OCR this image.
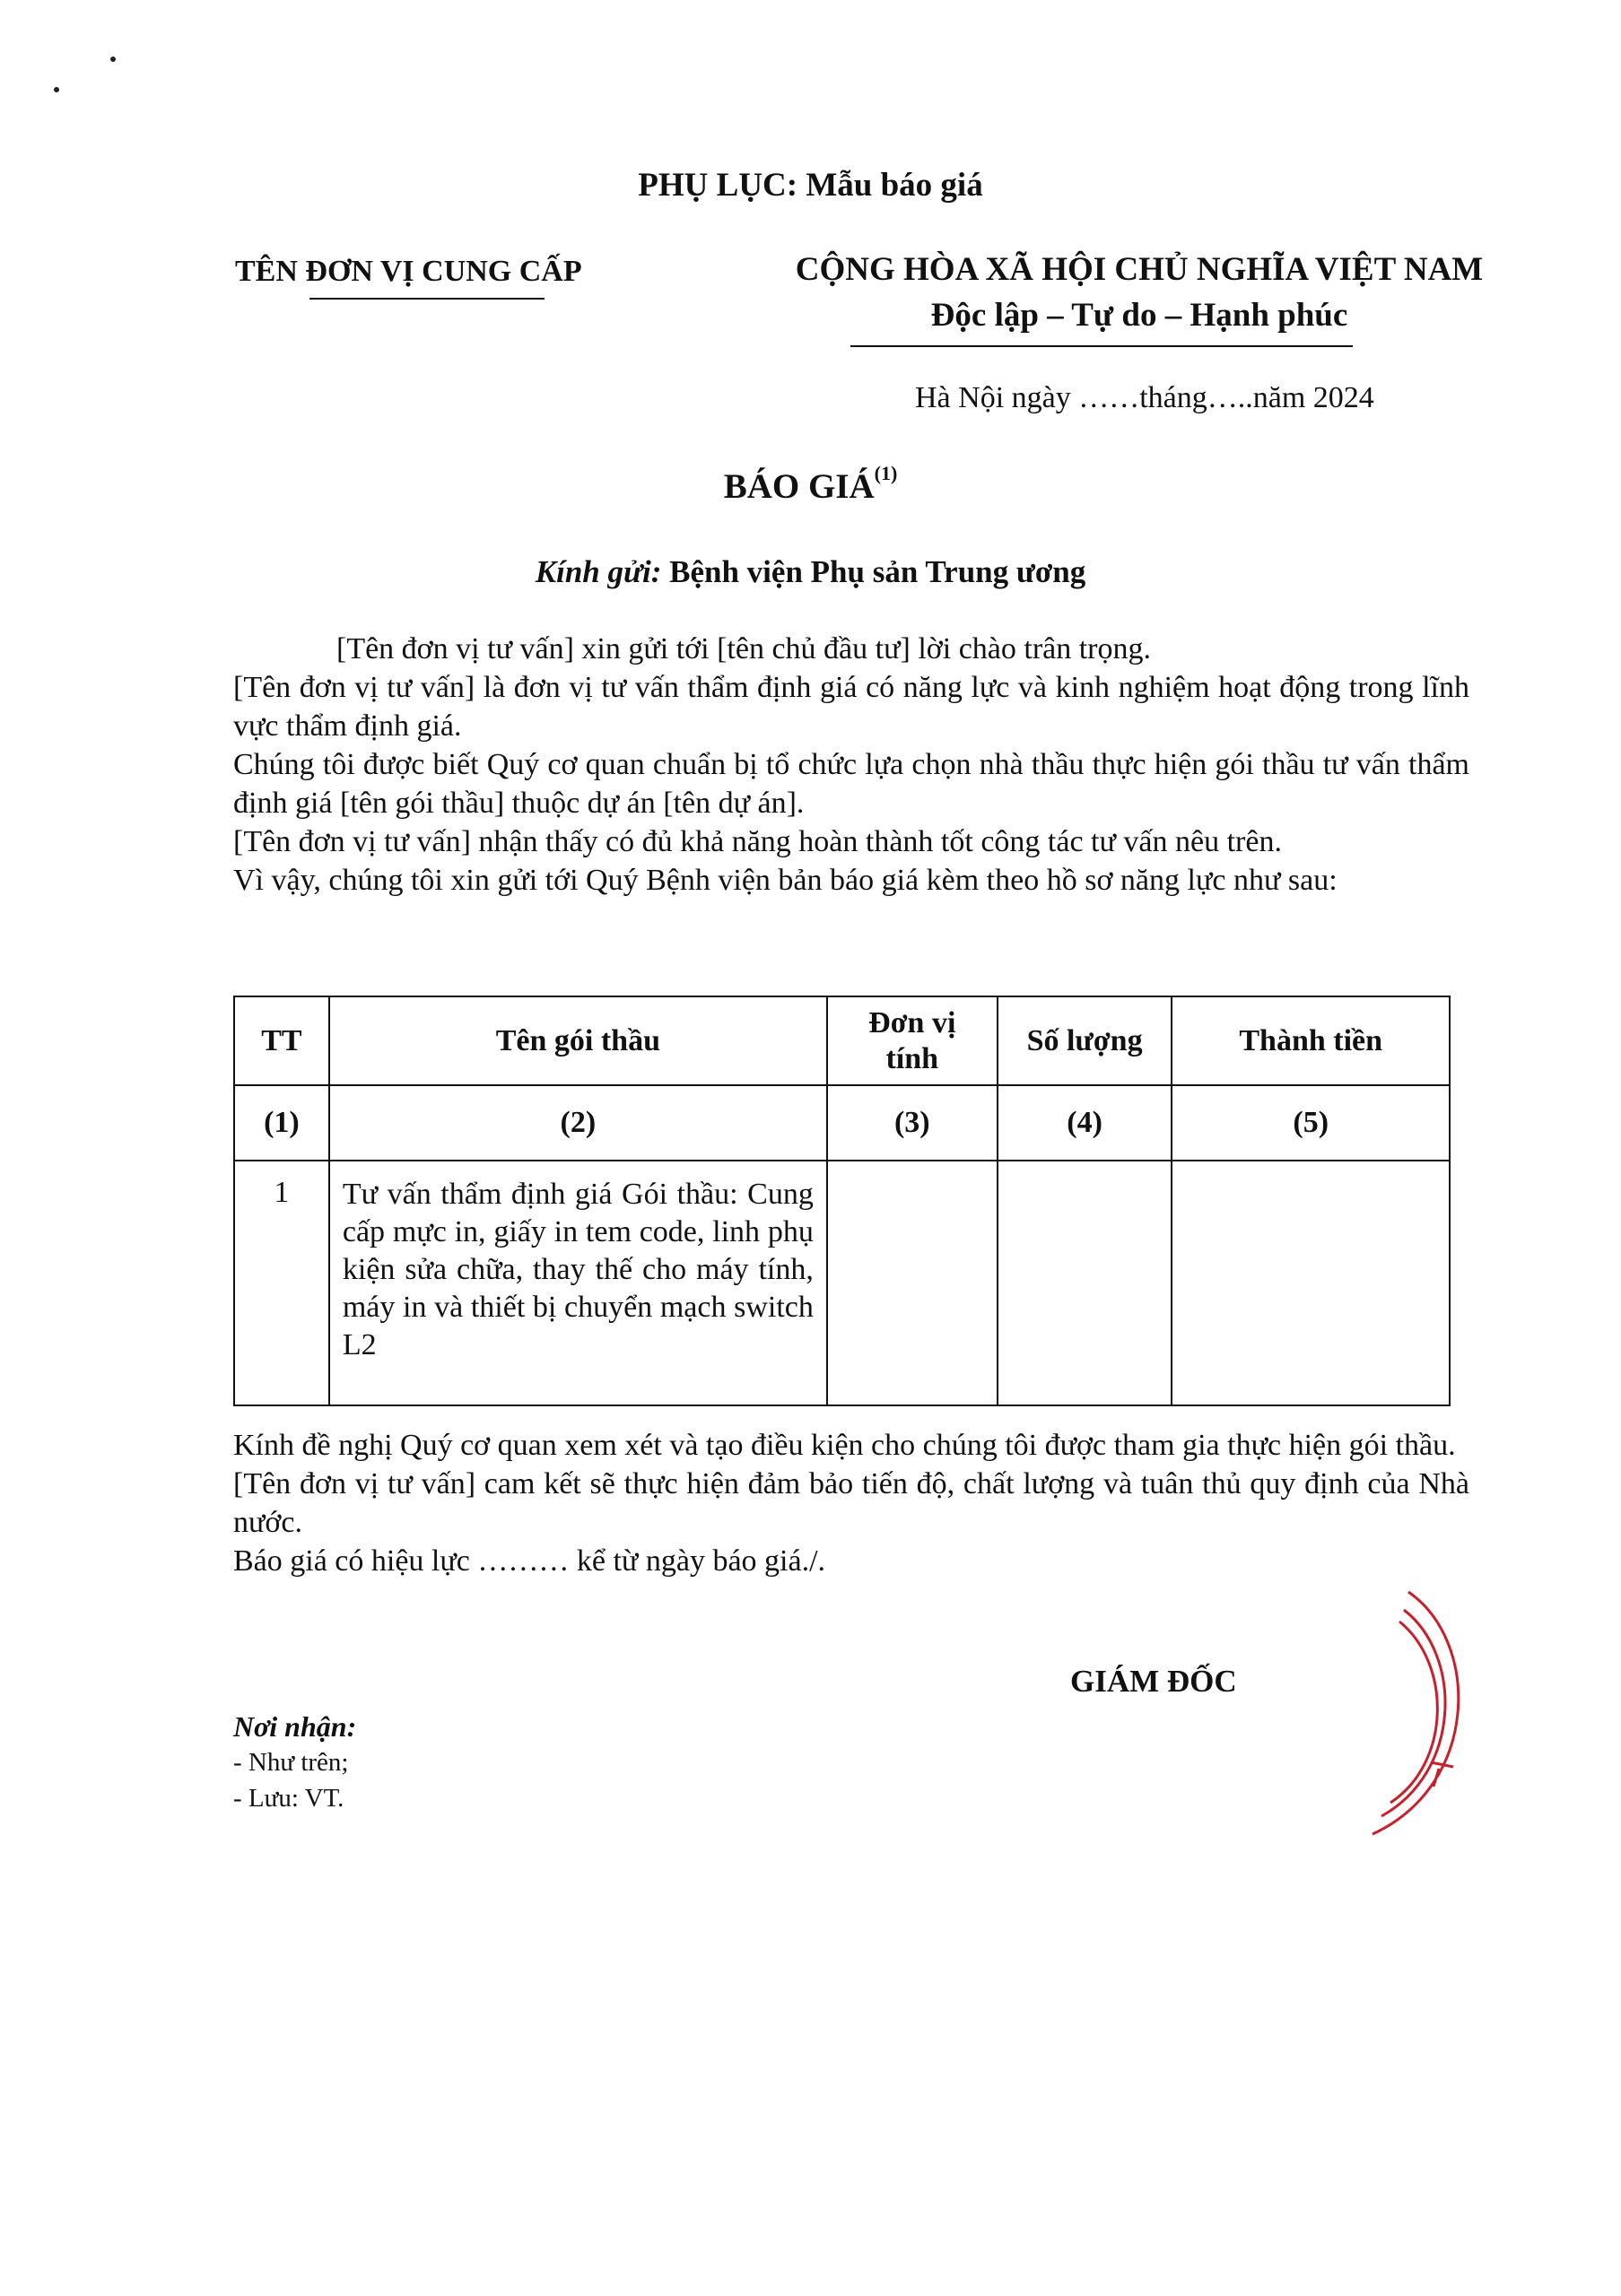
PHỤ LỤC: Mẫu báo giá
TÊN ĐƠN VỊ CUNG CẤP	CỘNG HÒA XÃ HỘI CHỦ NGHĨA VIỆT NAM
Độc lập – Tự do – Hạnh phúc
Hà Nội ngày ……tháng…..năm 2024
BÁO GIÁ$^{(1)}$
Kính gửi: Bệnh viện Phụ sản Trung ương

[Tên đơn vị tư vấn] xin gửi tới [tên chủ đầu tư] lời chào trân trọng.

[Tên đơn vị tư vấn] là đơn vị tư vấn thẩm định giá có năng lực và kinh nghiệm hoạt động trong lĩnh vực thẩm định giá.

Chúng tôi được biết Quý cơ quan chuẩn bị tổ chức lựa chọn nhà thầu thực hiện gói thầu tư vấn thẩm định giá [tên gói thầu] thuộc dự án [tên dự án].

[Tên đơn vị tư vấn] nhận thấy có đủ khả năng hoàn thành tốt công tác tư vấn nêu trên.

Vì vậy, chúng tôi xin gửi tới Quý Bệnh viện bản báo giá kèm theo hồ sơ năng lực như sau:

TT	Tên gói thầu	Đơn vị tính	Số lượng	Thành tiền
(1)	(2)	(3)	(4)	(5)
1	Tư vấn thẩm định giá Gói thầu: Cung cấp mực in, giấy in tem code, linh phụ kiện sửa chữa, thay thế cho máy tính, máy in và thiết bị chuyển mạch switch L2			

Kính đề nghị Quý cơ quan xem xét và tạo điều kiện cho chúng tôi được tham gia thực hiện gói thầu.

[Tên đơn vị tư vấn] cam kết sẽ thực hiện đảm bảo tiến độ, chất lượng và tuân thủ quy định của Nhà nước.

Báo giá có hiệu lực ……… kể từ ngày báo giá./.

GIÁM ĐỐC

Nơi nhận:

- Như trên;

- Lưu: VT.
